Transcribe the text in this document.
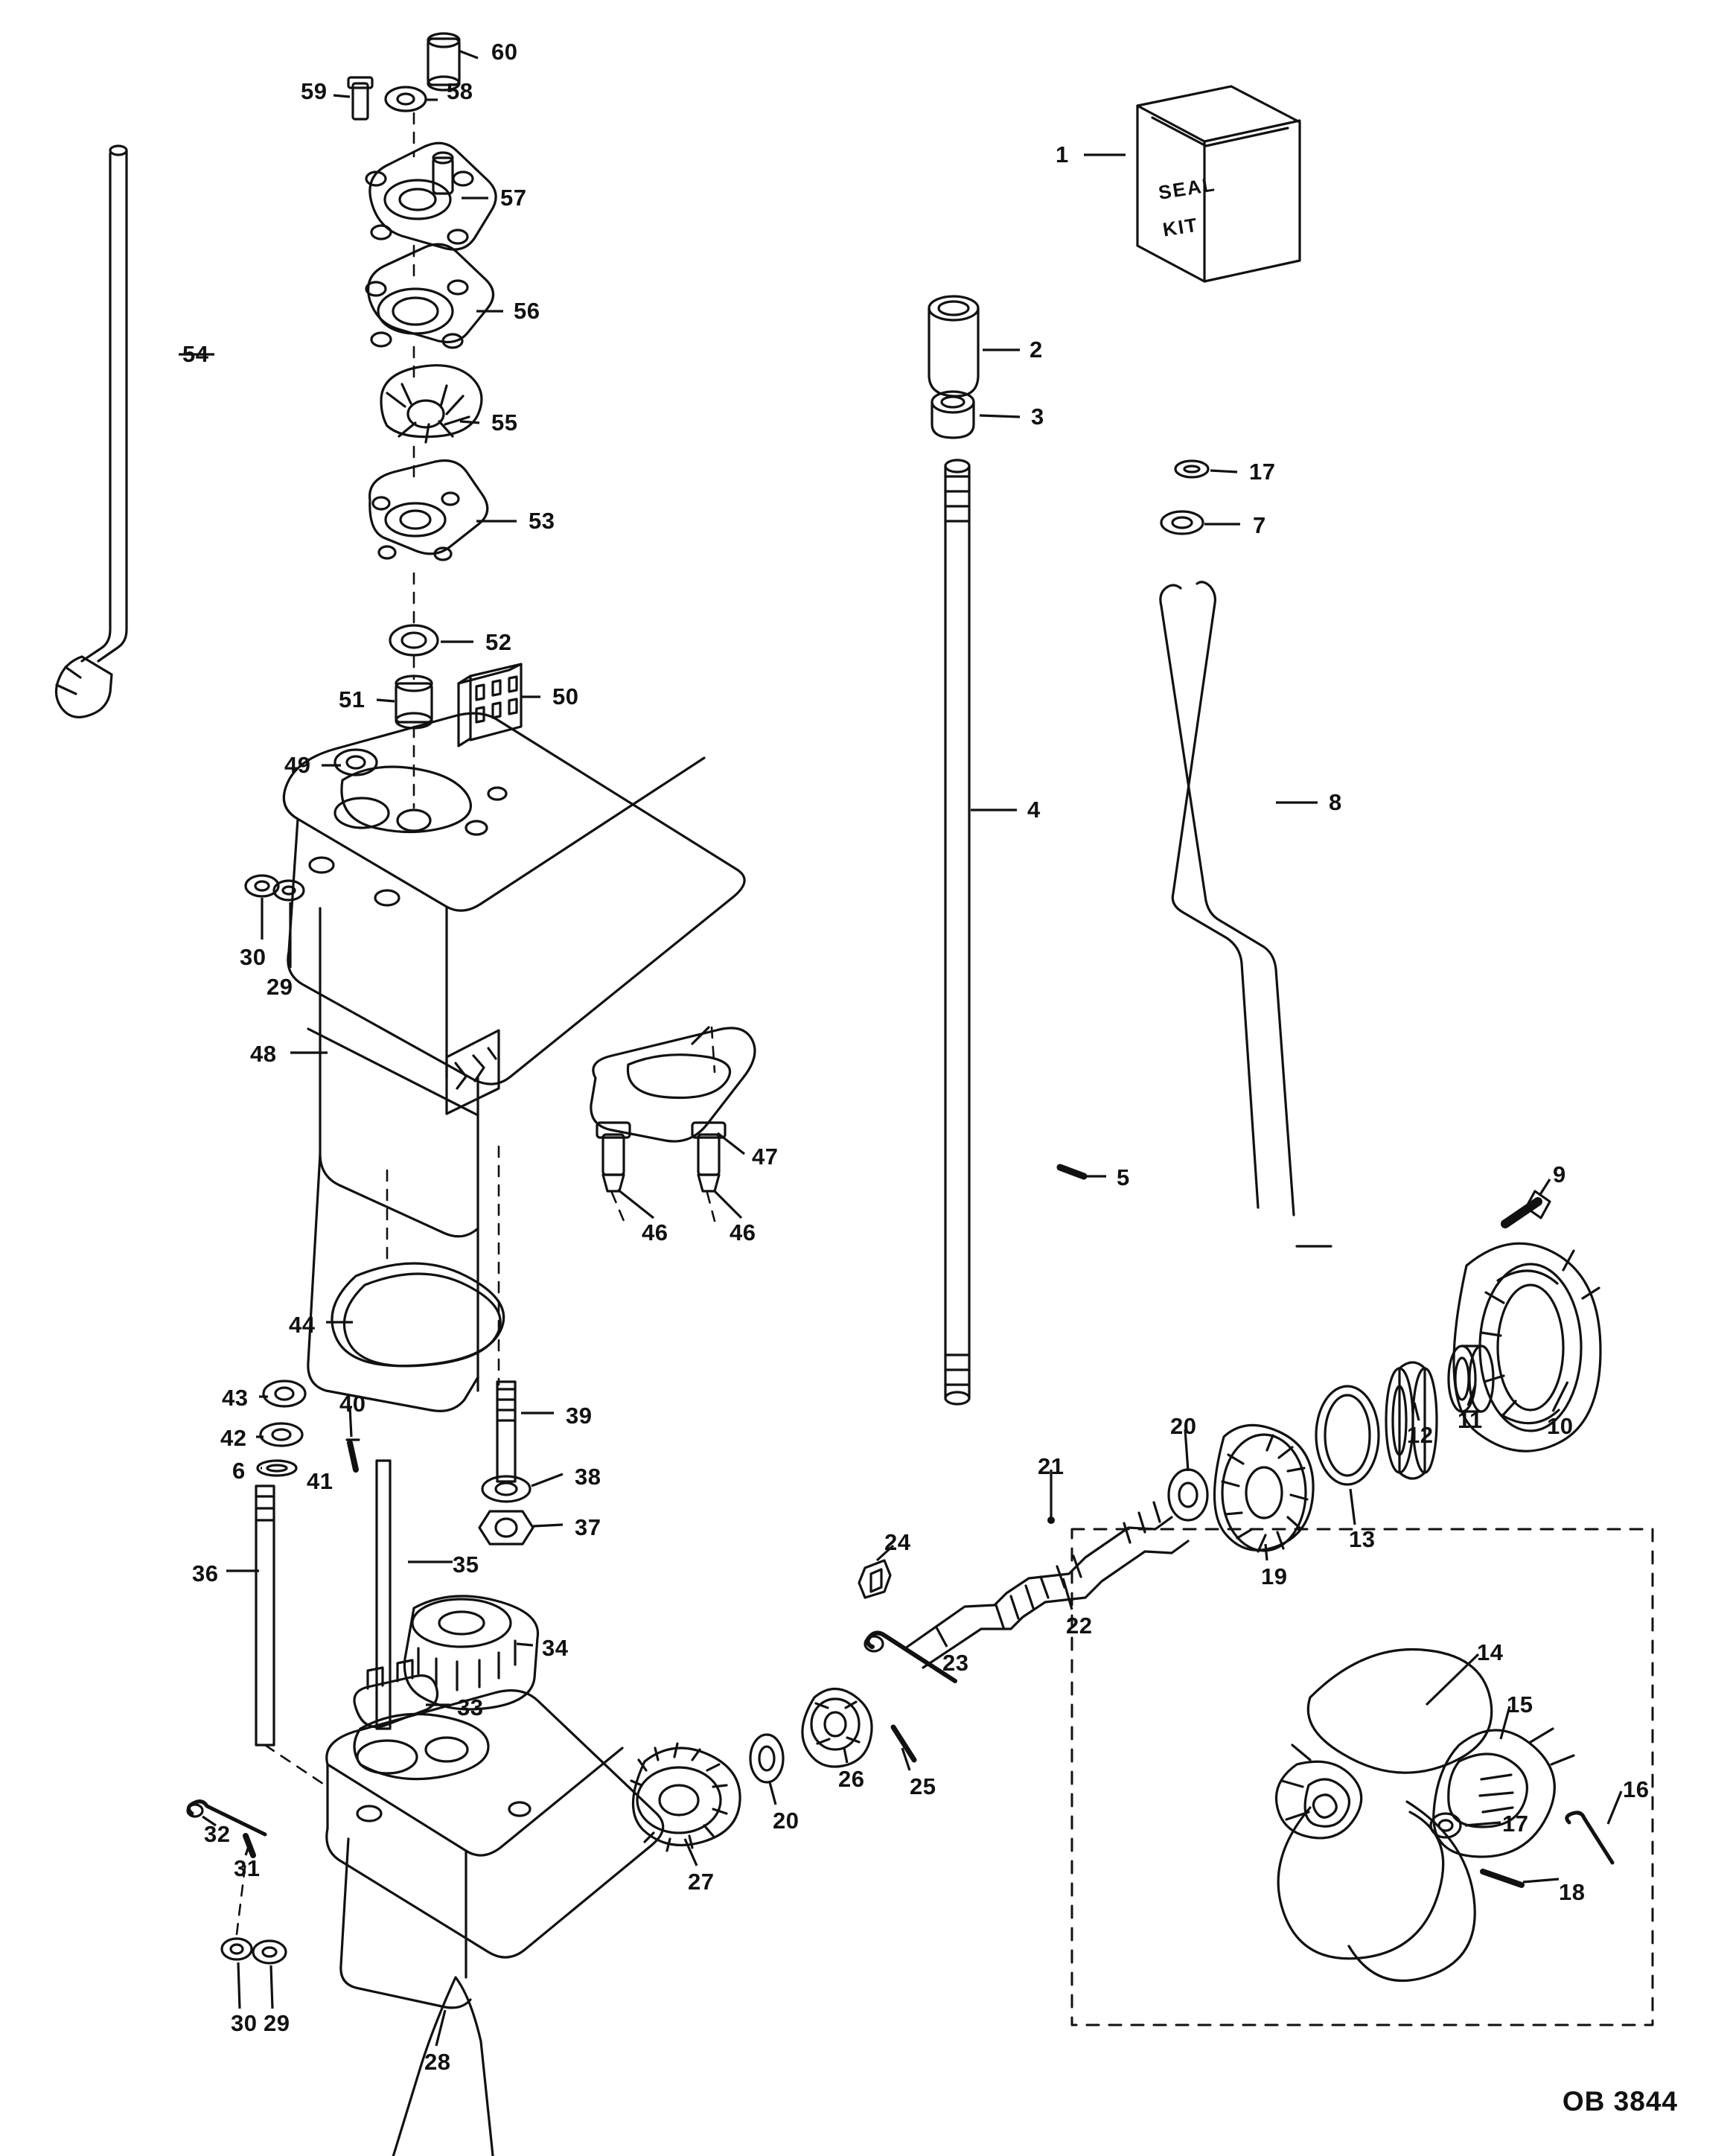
SEAL
KIT
60
59	58
1
57
56
2
54
55	3
17
53	7
52
51	50
49
4	8
30
29
48
5
47
46	46
9
44
10
11
12
43	40	39
42
6	41	38
13
20
37
21
19
35
36
24
22
34
23	14
15
33
26 25	16
20	17
27
32
31
18
30 29
28
OB 3844
